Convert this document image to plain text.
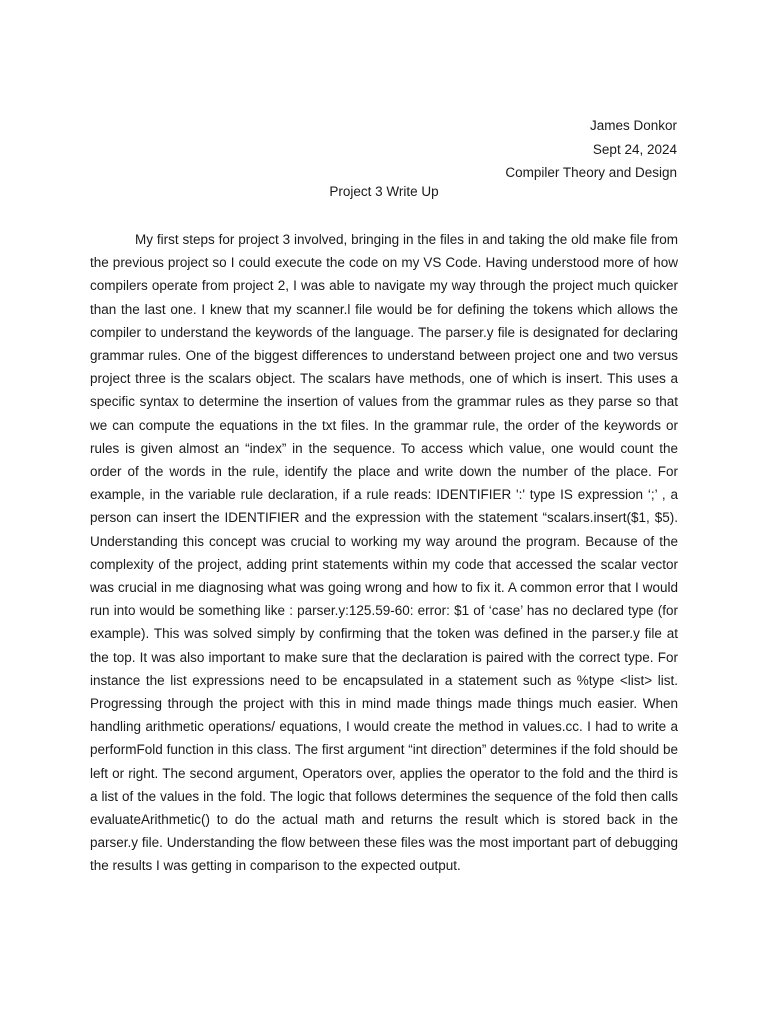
James Donkor
Sept 24, 2024
Compiler Theory and Design
Project 3 Write Up

My first steps for project 3 involved, bringing in the files in and taking the old make file from the previous project so I could execute the code on my VS Code. Having understood more of how compilers operate from project 2, I was able to navigate my way through the project much quicker than the last one. I knew that my scanner.l file would be for defining the tokens which allows the compiler to understand the keywords of the language. The parser.y file is designated for declaring grammar rules. One of the biggest differences to understand between project one and two versus project three is the scalars object. The scalars have methods, one of which is insert. This uses a specific syntax to determine the insertion of values from the grammar rules as they parse so that we can compute the equations in the txt files. In the grammar rule, the order of the keywords or rules is given almost an “index” in the sequence. To access which value, one would count the order of the words in the rule, identify the place and write down the number of the place. For example, in the variable rule declaration, if a rule reads: IDENTIFIER ':' type IS expression ‘;’ , a person can insert the IDENTIFIER and the expression with the statement “scalars.insert($1, $5). Understanding this concept was crucial to working my way around the program. Because of the complexity of the project, adding print statements within my code that accessed the scalar vector was crucial in me diagnosing what was going wrong and how to fix it. A common error that I would run into would be something like : parser.y:125.59-60: error: $1 of ‘case’ has no declared type (for example). This was solved simply by confirming that the token was defined in the parser.y file at the top. It was also important to make sure that the declaration is paired with the correct type. For instance the list expressions need to be encapsulated in a statement such as %type <list> list. Progressing through the project with this in mind made things made things much easier. When handling arithmetic operations/ equations, I would create the method in values.cc. I had to write a performFold function in this class. The first argument “int direction” determines if the fold should be left or right. The second argument, Operators over, applies the operator to the fold and the third is a list of the values in the fold. The logic that follows determines the sequence of the fold then calls evaluateArithmetic() to do the actual math and returns the result which is stored back in the parser.y file. Understanding the flow between these files was the most important part of debugging the results I was getting in comparison to the expected output.
